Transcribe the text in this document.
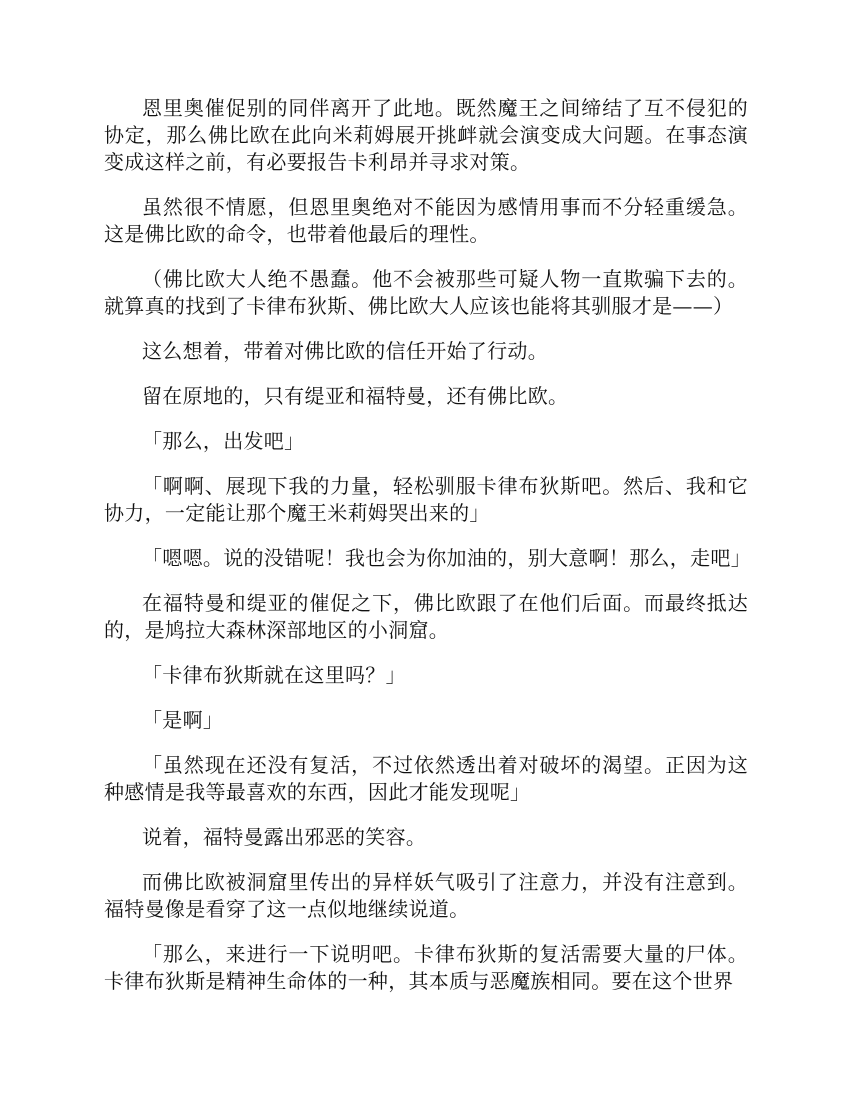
恩里奥催促别的同伴离开了此地。既然魔王之间缔结了互不侵犯的协定，那么佛比欧在此向米莉姆展开挑衅就会演变成大问题。在事态演变成这样之前，有必要报告卡利昂并寻求对策。

虽然很不情愿，但恩里奥绝对不能因为感情用事而不分轻重缓急。这是佛比欧的命令，也带着他最后的理性。

（佛比欧大人绝不愚蠢。他不会被那些可疑人物一直欺骗下去的。就算真的找到了卡律布狄斯、佛比欧大人应该也能将其驯服才是——）

这么想着，带着对佛比欧的信任开始了行动。

留在原地的，只有缇亚和福特曼，还有佛比欧。

「那么，出发吧」

「啊啊、展现下我的力量，轻松驯服卡律布狄斯吧。然后、我和它协力，一定能让那个魔王米莉姆哭出来的」

「嗯嗯。说的没错呢！我也会为你加油的，别大意啊！那么，走吧」

在福特曼和缇亚的催促之下，佛比欧跟了在他们后面。而最终抵达的，是鸠拉大森林深部地区的小洞窟。

「卡律布狄斯就在这里吗？」

「是啊」

「虽然现在还没有复活，不过依然透出着对破坏的渴望。正因为这种感情是我等最喜欢的东西，因此才能发现呢」

说着，福特曼露出邪恶的笑容。

而佛比欧被洞窟里传出的异样妖气吸引了注意力，并没有注意到。福特曼像是看穿了这一点似地继续说道。

「那么，来进行一下说明吧。卡律布狄斯的复活需要大量的尸体。卡律布狄斯是精神生命体的一种，其本质与恶魔族相同。要在这个世界
